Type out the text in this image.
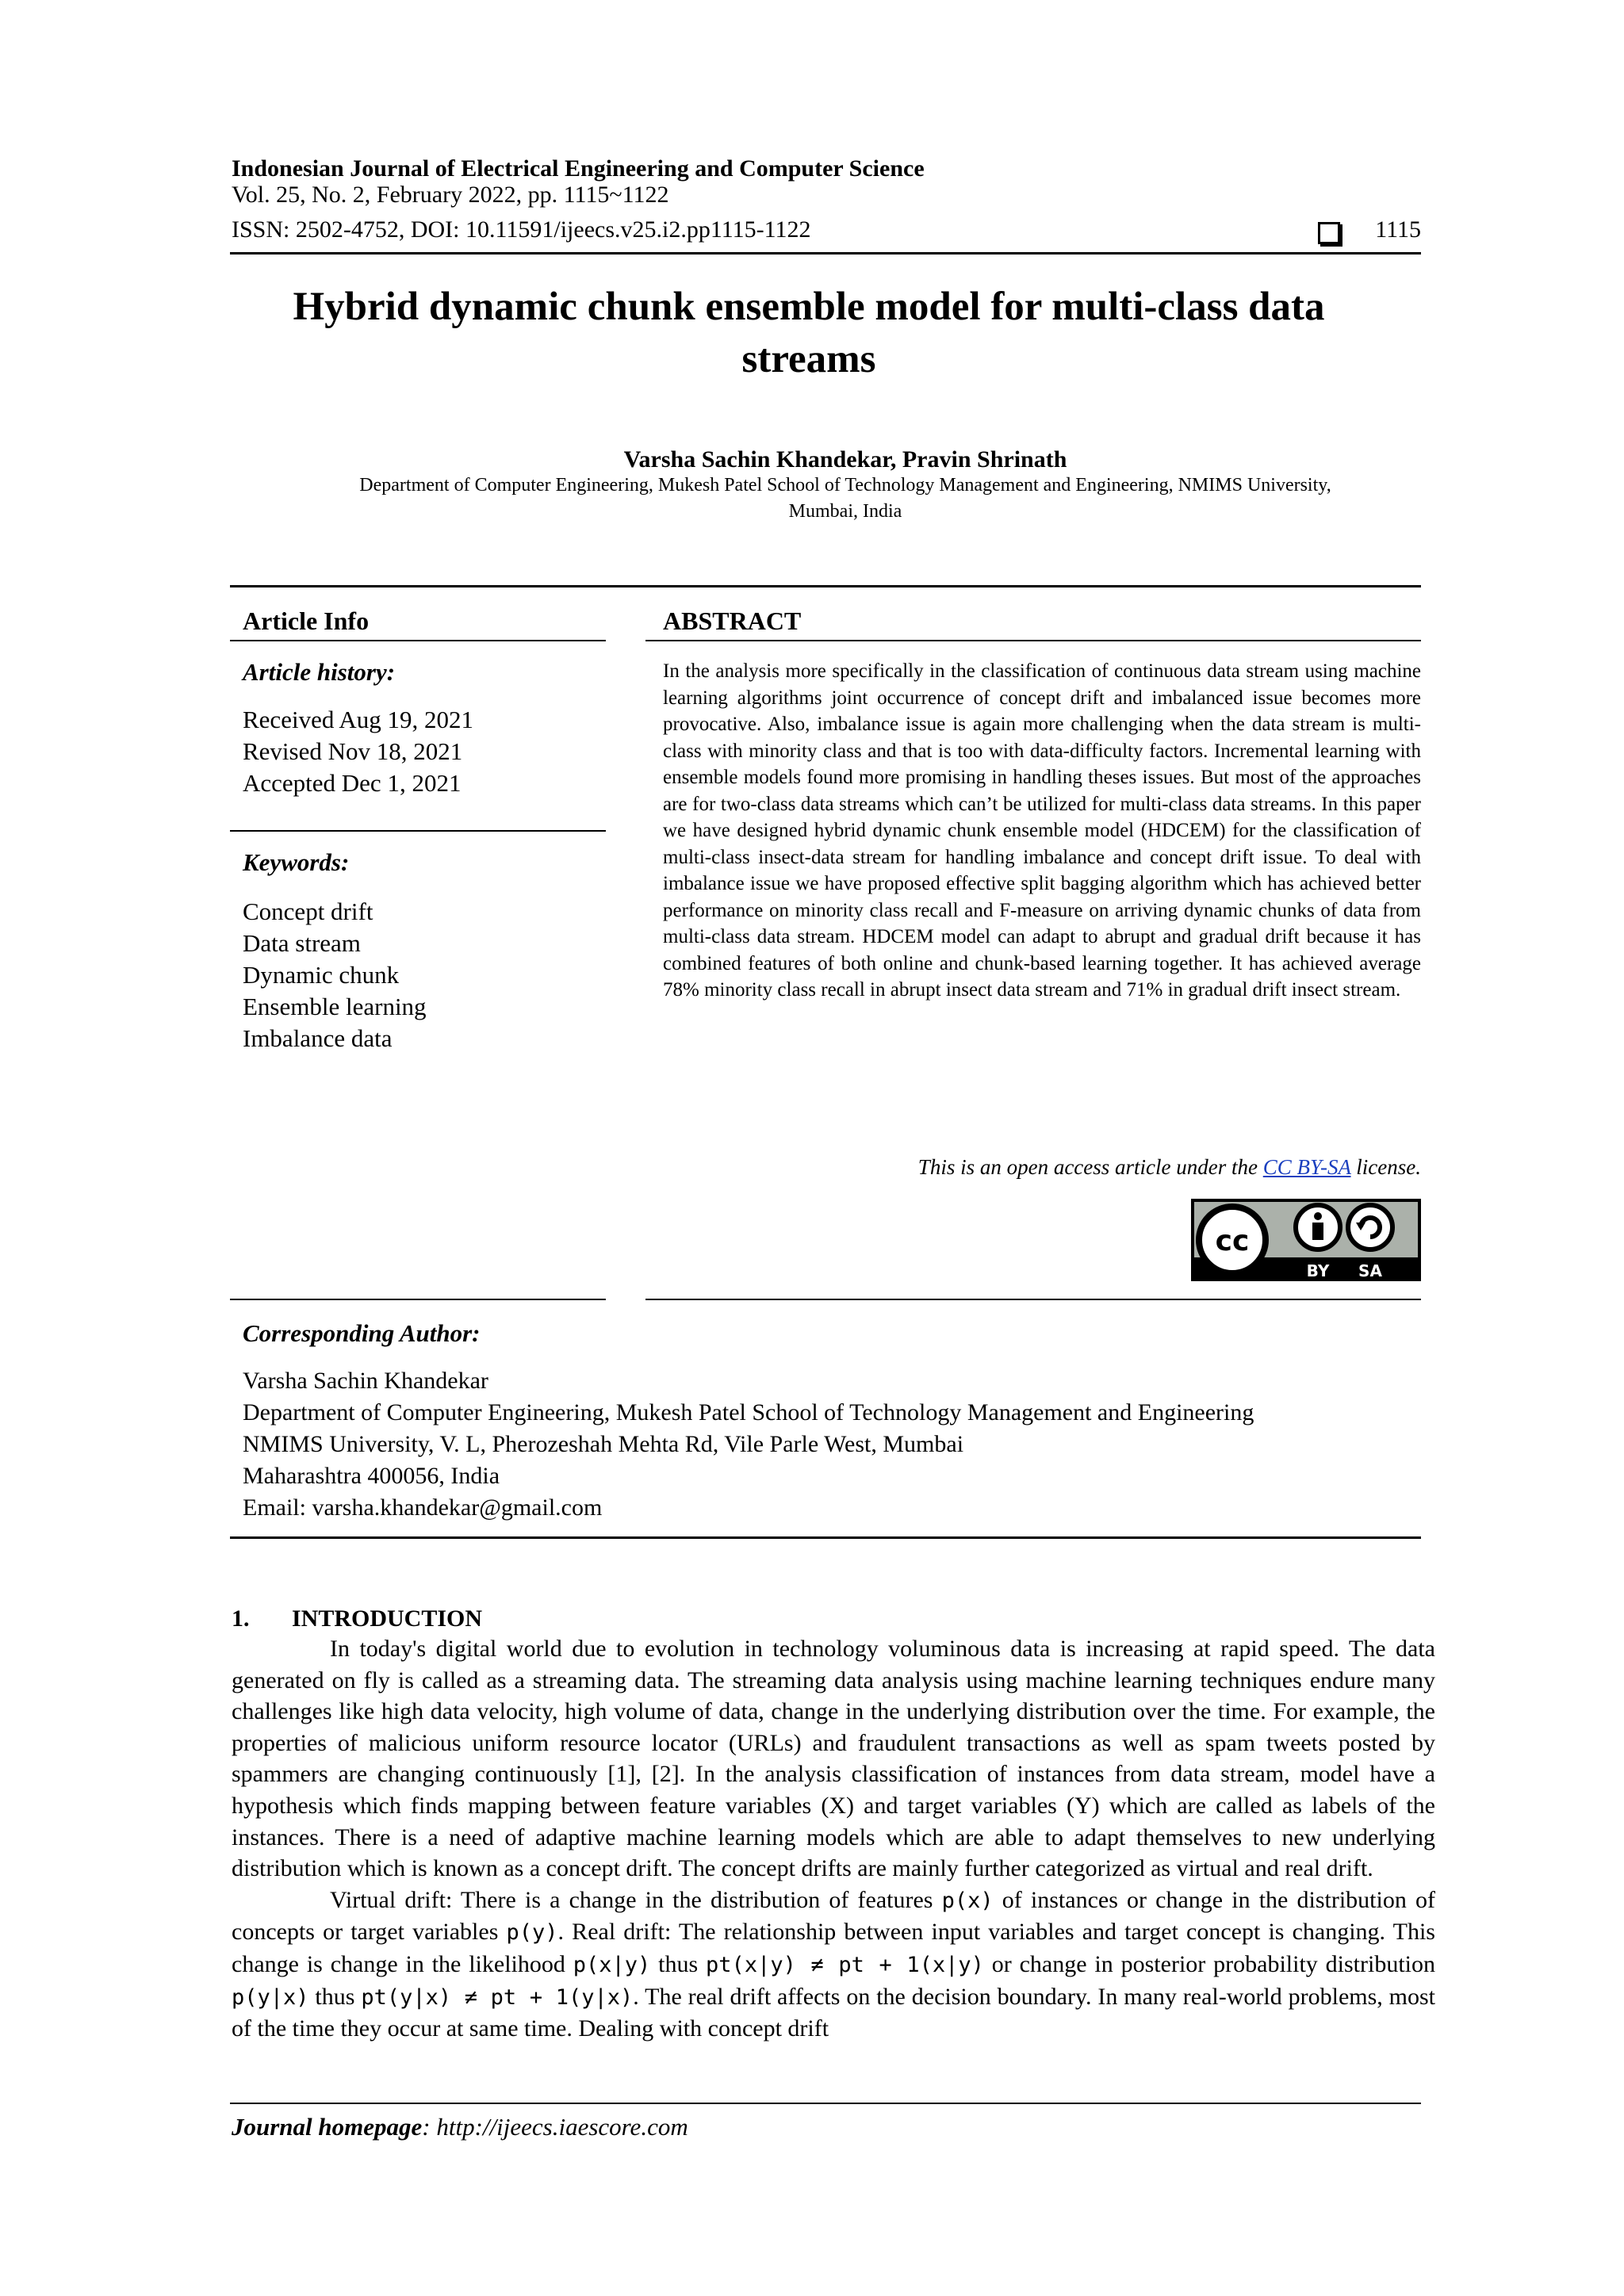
Indonesian Journal of Electrical Engineering and Computer Science
Vol. 25, No. 2, February 2022, pp. 1115~1122
ISSN: 2502-4752, DOI: 10.11591/ijeecs.v25.i2.pp1115-1122	1115
Hybrid dynamic chunk ensemble model for multi-class data
streams
Varsha Sachin Khandekar, Pravin Shrinath
Department of Computer Engineering, Mukesh Patel School of Technology Management and Engineering, NMIMS University,
Mumbai, India
Article Info
Article history:
Received Aug 19, 2021
Revised Nov 18, 2021
Accepted Dec 1, 2021
Keywords:
Concept drift
Data stream
Dynamic chunk
Ensemble learning
Imbalance data
ABSTRACT
In the analysis more specifically in the classification of continuous data stream using machine learning algorithms joint occurrence of concept drift and imbalanced issue becomes more provocative. Also, imbalance issue is again more challenging when the data stream is multi-class with minority class and that is too with data-difficulty factors. Incremental learning with ensemble models found more promising in handling theses issues. But most of the approaches are for two-class data streams which can’t be utilized for multi-class data streams. In this paper we have designed hybrid dynamic chunk ensemble model (HDCEM) for the classification of multi-class insect-data stream for handling imbalance and concept drift issue. To deal with imbalance issue we have proposed effective split bagging algorithm which has achieved better performance on minority class recall and F-measure on arriving dynamic chunks of data from multi-class data stream. HDCEM model can adapt to abrupt and gradual drift because it has combined features of both online and chunk-based learning together. It has achieved average 78% minority class recall in abrupt insect data stream and 71% in gradual drift insect stream.
This is an open access article under the CC BY-SA license.
cc
BY SA
Corresponding Author:
Varsha Sachin Khandekar
Department of Computer Engineering, Mukesh Patel School of Technology Management and Engineering
NMIMS University, V. L, Pherozeshah Mehta Rd, Vile Parle West, Mumbai
Maharashtra 400056, India
Email: varsha.khandekar@gmail.com
1. INTRODUCTION

In today's digital world due to evolution in technology voluminous data is increasing at rapid speed. The data generated on fly is called as a streaming data. The streaming data analysis using machine learning techniques endure many challenges like high data velocity, high volume of data, change in the underlying distribution over the time. For example, the properties of malicious uniform resource locator (URLs) and fraudulent transactions as well as spam tweets posted by spammers are changing continuously [1], [2]. In the analysis classification of instances from data stream, model have a hypothesis which finds mapping between feature variables (X) and target variables (Y) which are called as labels of the instances. There is a need of adaptive machine learning models which are able to adapt themselves to new underlying distribution which is known as a concept drift. The concept drifts are mainly further categorized as virtual and real drift.

Virtual drift: There is a change in the distribution of features p(x) of instances or change in the distribution of concepts or target variables p(y). Real drift: The relationship between input variables and target concept is changing. This change is change in the likelihood p(x|y) thus pt(x|y) ≠ pt + 1(x|y) or change in posterior probability distribution p(y|x) thus pt(y|x) ≠ pt + 1(y|x). The real drift affects on the decision boundary. In many real-world problems, most of the time they occur at same time. Dealing with concept drift

Journal homepage: http://ijeecs.iaescore.com
